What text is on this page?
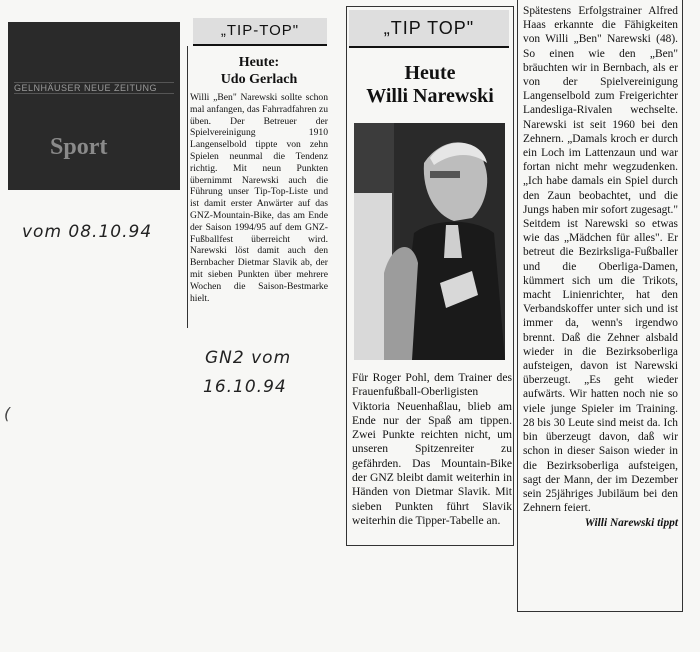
GELNHÄUSER NEUE ZEITUNG
Sport
vom 08.10.94
GN2 vom
16.10.94
(
„TIP-TOP"
Heute:
Udo Gerlach

Willi „Ben" Narewski sollte schon mal anfangen, das Fahrradfahren zu üben. Der Betreuer der Spielvereinigung 1910 Langenselbold tippte von zehn Spielen neunmal die Tendenz richtig. Mit neun Punkten übernimmt Narewski auch die Führung unser Tip-Top-Liste und ist damit erster Anwärter auf das GNZ-Mountain-Bike, das am Ende der Saison 1994/95 auf dem GNZ-Fußballfest überreicht wird. Narewski löst damit auch den Bernbacher Dietmar Slavik ab, der mit sieben Punkten über mehrere Wochen die Saison-Bestmarke hielt.

„TIP TOP"
Heute
Willi Narewski

Für Roger Pohl, dem Trainer des Frauenfußball-Oberligisten Viktoria Neuenhaßlau, blieb am Ende nur der Spaß am tippen. Zwei Punkte reichten nicht, um unseren Spitzenreiter zu gefährden. Das Mountain-Bike der GNZ bleibt damit weiterhin in Händen von Dietmar Slavik. Mit sieben Punkten führt Slavik weiterhin die Tipper-Tabelle an.

Spätestens Erfolgstrainer Alfred Haas erkannte die Fähigkeiten von Willi „Ben" Narewski (48). So einen wie den „Ben" bräuchten wir in Bernbach, als er von der Spielvereinigung Langenselbold zum Freigerichter Landesliga-Rivalen wechselte. Narewski ist seit 1960 bei den Zehnern. „Damals kroch er durch ein Loch im Lattenzaun und war fortan nicht mehr wegzudenken. „Ich habe damals ein Spiel durch den Zaun beobachtet, und die Jungs haben mir sofort zugesagt." Seitdem ist Narewski so etwas wie das „Mädchen für alles". Er betreut die Bezirksliga-Fußballer und die Oberliga-Damen, kümmert sich um die Trikots, macht Linienrichter, hat den Verbandskoffer unter sich und ist immer da, wenn's irgendwo brennt. Daß die Zehner alsbald wieder in die Bezirksoberliga aufsteigen, davon ist Narewski überzeugt. „Es geht wieder aufwärts. Wir hatten noch nie so viele junge Spieler im Training. 28 bis 30 Leute sind meist da. Ich bin überzeugt davon, daß wir schon in dieser Saison wieder in die Bezirksoberliga aufsteigen, sagt der Mann, der im Dezember sein 25jähriges Jubiläum bei den Zehnern feiert.

Willi Narewski tippt
